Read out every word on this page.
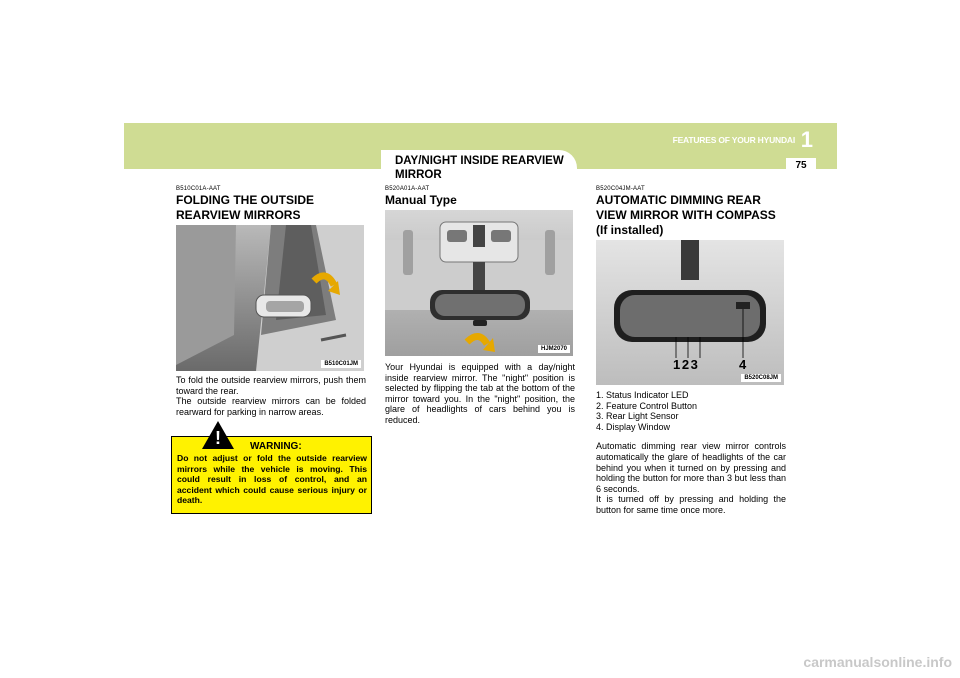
FEATURES OF YOUR HYUNDAI 1
75
DAY/NIGHT INSIDE REARVIEW MIRROR

B510C01A-AAT

FOLDING THE OUTSIDE REARVIEW MIRRORS

B510C01JM

To fold the outside rearview mirrors, push them toward the rear.

The outside rearview mirrors can be folded rearward for parking in narrow areas.

!	WARNING:

Do not adjust or fold the outside rearview mirrors while the vehicle is moving. This could result in loss of control, and an accident which could cause serious injury or death.

B520A01A-AAT

Manual Type

HJM2070

Your Hyundai is equipped with a day/night inside rearview mirror. The "night" position is selected by flipping the tab at the bottom of the mirror toward you. In the "night" position, the glare of headlights of cars behind you is reduced.

B520C04JM-AAT

AUTOMATIC DIMMING REAR VIEW MIRROR WITH COMPASS (If installed)

1 2 3	4
B520C08JM

1. Status Indicator LED

2. Feature Control Button

3. Rear Light Sensor

4. Display Window

Automatic dimming rear view mirror controls automatically the glare of headlights of the car behind you when it turned on by pressing and holding the button for more than 3 but less than 6 seconds.

It is turned off by pressing and holding the button for same time once more.

carmanualsonline.info
